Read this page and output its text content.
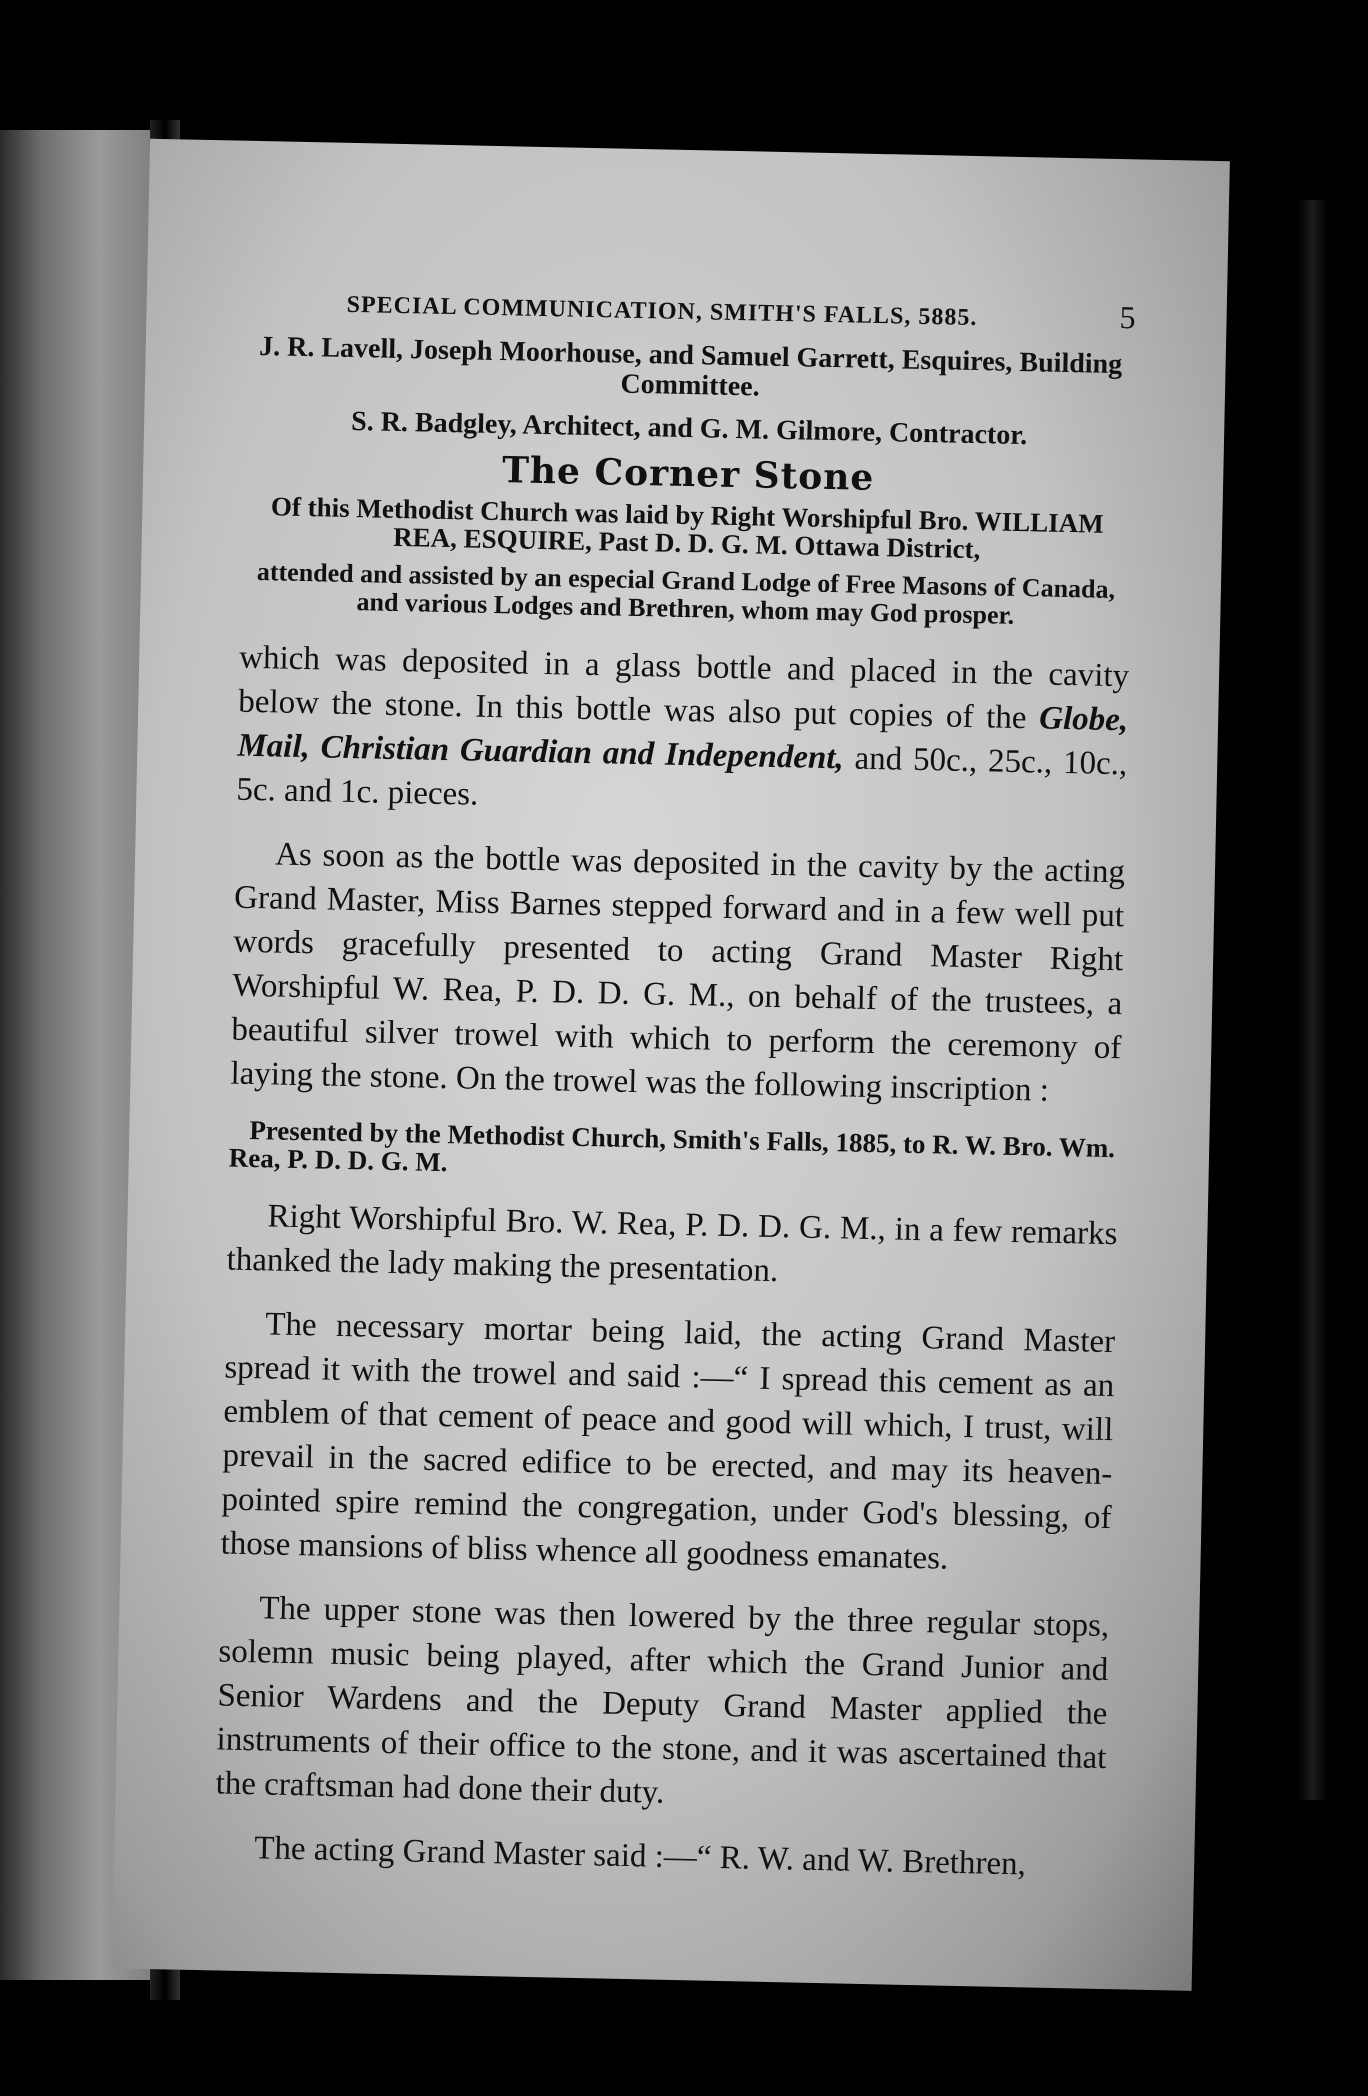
SPECIAL COMMUNICATION, SMITH'S FALLS, 5885.	5
J. R. Lavell, Joseph Moorhouse, and Samuel Garrett, Esquires, Building Committee.
S. R. Badgley, Architect, and G. M. Gilmore, Contractor.
The Corner Stone
Of this Methodist Church was laid by Right Worshipful Bro. WILLIAM REA, ESQUIRE, Past D. D. G. M. Ottawa District,
attended and assisted by an especial Grand Lodge of Free Masons of Canada, and various Lodges and Brethren, whom may God prosper.

which was deposited in a glass bottle and placed in the cavity below the stone. In this bottle was also put copies of the Globe, Mail, Christian Guardian and Independent, and 50c., 25c., 10c., 5c. and 1c. pieces.

As soon as the bottle was deposited in the cavity by the acting Grand Master, Miss Barnes stepped forward and in a few well put words gracefully presented to acting Grand Master Right Worshipful W. Rea, P. D. D. G. M., on behalf of the trustees, a beautiful silver trowel with which to perform the ceremony of laying the stone. On the trowel was the following inscription :

Presented by the Methodist Church, Smith's Falls, 1885, to R. W. Bro. Wm. Rea, P. D. D. G. M.

Right Worshipful Bro. W. Rea, P. D. D. G. M., in a few remarks thanked the lady making the presentation.

The necessary mortar being laid, the acting Grand Master spread it with the trowel and said :—“ I spread this cement as an emblem of that cement of peace and good will which, I trust, will prevail in the sacred edifice to be erected, and may its heaven-pointed spire remind the congregation, under God's blessing, of those mansions of bliss whence all goodness emanates.

The upper stone was then lowered by the three regular stops, solemn music being played, after which the Grand Junior and Senior Wardens and the Deputy Grand Master applied the instruments of their office to the stone, and it was ascertained that the craftsman had done their duty.

The acting Grand Master said :—“ R. W. and W. Brethren,
